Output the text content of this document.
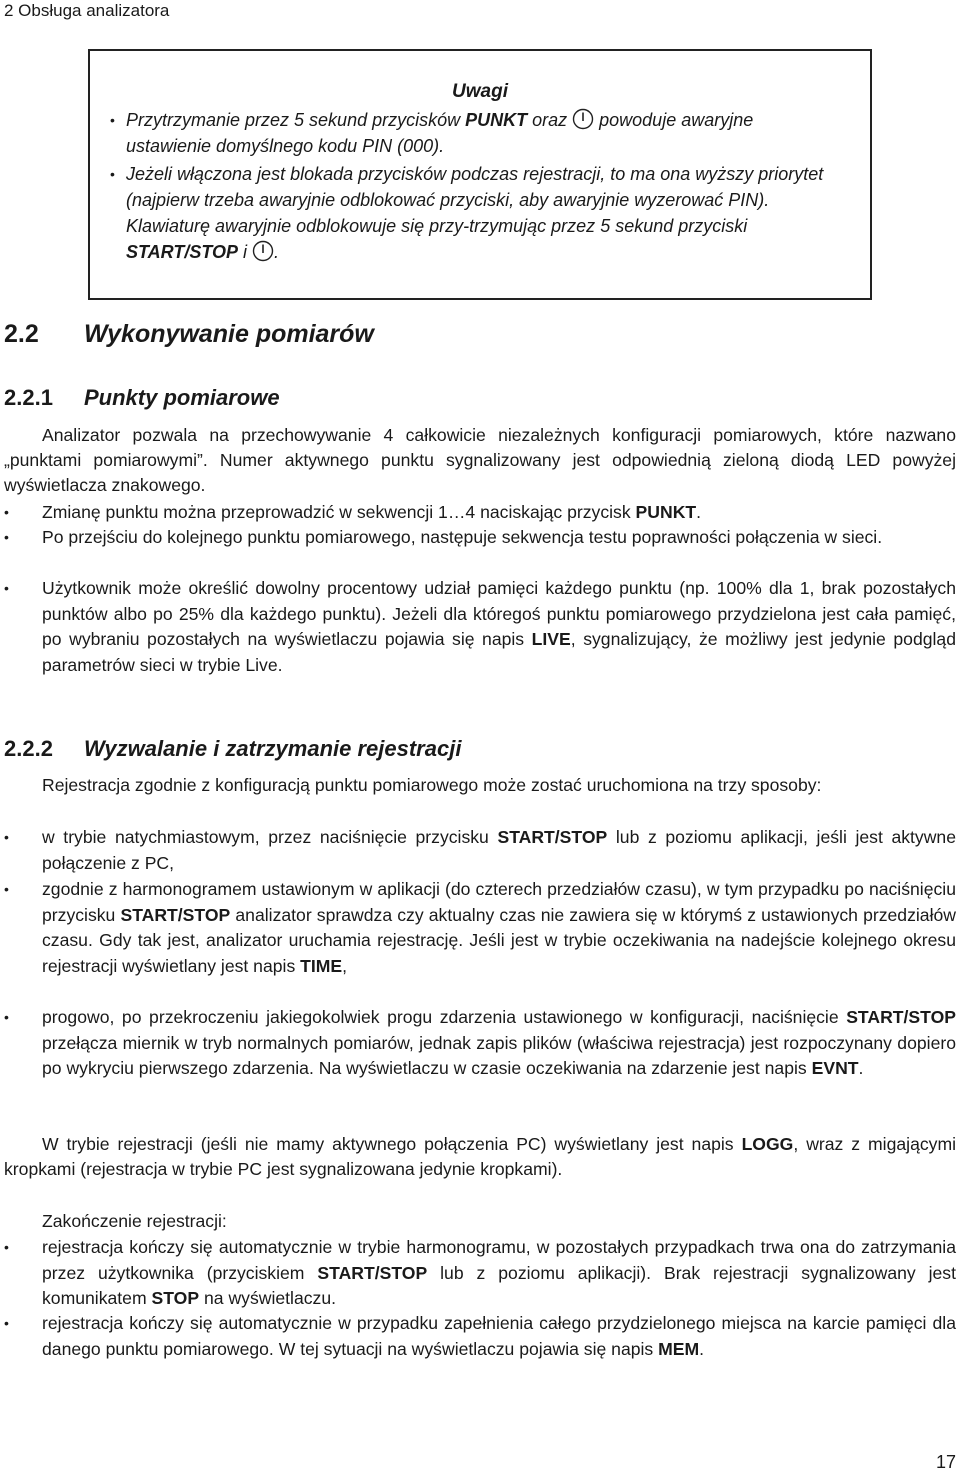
2 Obsługa analizatora
Uwagi
• Przytrzymanie przez 5 sekund przycisków PUNKT oraz  powoduje awaryjne ustawienie domyślnego kodu PIN (000).
• Jeżeli włączona jest blokada przycisków podczas rejestracji, to ma ona wyższy priorytet (najpierw trzeba awaryjnie odblokować przyciski, aby awaryjnie wyzerować PIN). Klawiaturę awaryjnie odblokowuje się przy-trzymując przez 5 sekund przyciski START/STOP i .
2.2 Wykonywanie pomiarów
2.2.1 Punkty pomiarowe
Analizator pozwala na przechowywanie 4 całkowicie niezależnych konfiguracji pomiarowych, które nazwano „punktami pomiarowymi”. Numer aktywnego punktu sygnalizowany jest odpowiednią zieloną diodą LED powyżej wyświetlacza znakowego.
• Zmianę punktu można przeprowadzić w sekwencji 1…4 naciskając przycisk PUNKT.
• Po przejściu do kolejnego punktu pomiarowego, następuje sekwencja testu poprawności połączenia w sieci.
• Użytkownik może określić dowolny procentowy udział pamięci każdego punktu (np. 100% dla 1, brak pozostałych punktów albo po 25% dla każdego punktu). Jeżeli dla któregoś punktu pomiarowego przydzielona jest cała pamięć, po wybraniu pozostałych na wyświetlaczu pojawia się napis LIVE, sygnalizujący, że możliwy jest jedynie podgląd parametrów sieci w trybie Live.
2.2.2 Wyzwalanie i zatrzymanie rejestracji
Rejestracja zgodnie z konfiguracją punktu pomiarowego może zostać uruchomiona na trzy sposoby:
• w trybie natychmiastowym, przez naciśnięcie przycisku START/STOP lub z poziomu aplikacji, jeśli jest aktywne połączenie z PC,
• zgodnie z harmonogramem ustawionym w aplikacji (do czterech przedziałów czasu), w tym przypadku po naciśnięciu przycisku START/STOP analizator sprawdza czy aktualny czas nie zawiera się w którymś z ustawionych przedziałów czasu. Gdy tak jest, analizator uruchamia rejestrację. Jeśli jest w trybie oczekiwania na nadejście kolejnego okresu rejestracji wyświetlany jest napis TIME,
• progowo, po przekroczeniu jakiegokolwiek progu zdarzenia ustawionego w konfiguracji, naciśnięcie START/STOP przełącza miernik w tryb normalnych pomiarów, jednak zapis plików (właściwa rejestracja) jest rozpoczynany dopiero po wykryciu pierwszego zdarzenia. Na wyświetlaczu w czasie oczekiwania na zdarzenie jest napis EVNT.
W trybie rejestracji (jeśli nie mamy aktywnego połączenia PC) wyświetlany jest napis LOGG, wraz z migającymi kropkami (rejestracja w trybie PC jest sygnalizowana jedynie kropkami).
Zakończenie rejestracji:
• rejestracja kończy się automatycznie w trybie harmonogramu, w pozostałych przypadkach trwa ona do zatrzymania przez użytkownika (przyciskiem START/STOP lub z poziomu aplikacji). Brak rejestracji sygnalizowany jest komunikatem STOP na wyświetlaczu.
• rejestracja kończy się automatycznie w przypadku zapełnienia całego przydzielonego miejsca na karcie pamięci dla danego punktu pomiarowego. W tej sytuacji na wyświetlaczu pojawia się napis MEM.
17
